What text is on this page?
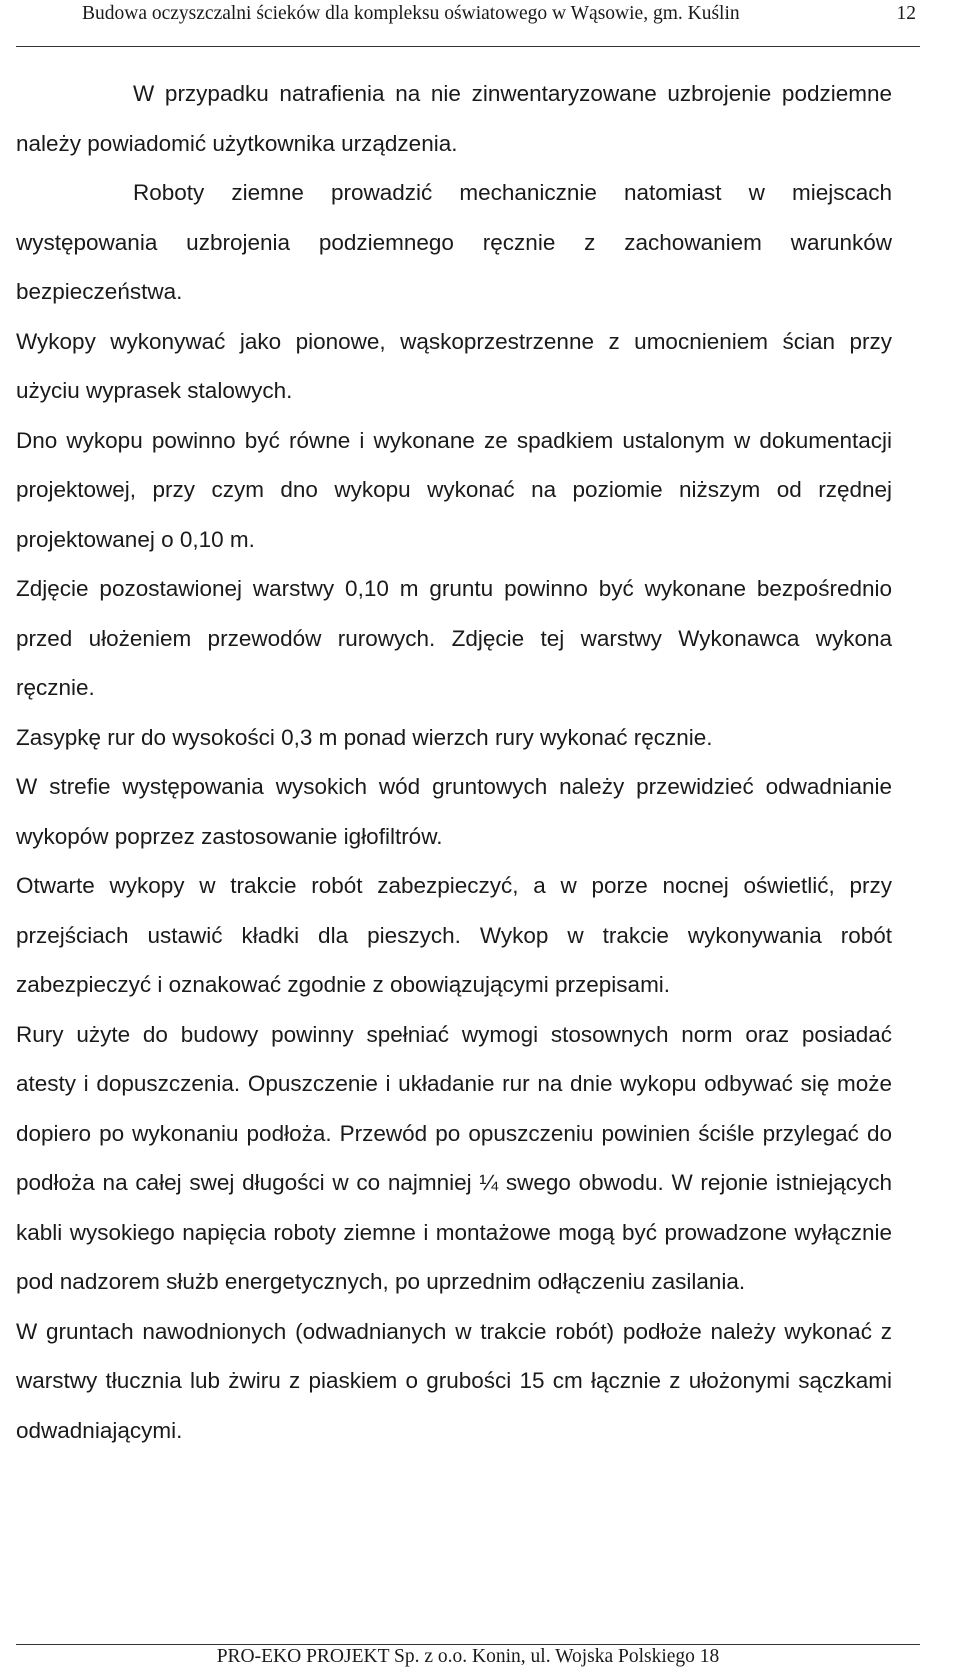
Budowa oczyszczalni ścieków dla kompleksu oświatowego w Wąsowie, gm. Kuślin	12

W przypadku natrafienia na nie zinwentaryzowane uzbrojenie podziemne należy powiadomić użytkownika urządzenia.

Roboty ziemne prowadzić mechanicznie natomiast w miejscach występowania uzbrojenia podziemnego ręcznie z zachowaniem warunków bezpieczeństwa.

Wykopy wykonywać jako pionowe, wąskoprzestrzenne z umocnieniem ścian przy użyciu wyprasek stalowych.

Dno wykopu powinno być równe i wykonane ze spadkiem ustalonym w dokumentacji projektowej, przy czym dno wykopu wykonać na poziomie niższym od rzędnej projektowanej o 0,10 m.

Zdjęcie pozostawionej warstwy 0,10 m gruntu powinno być wykonane bezpośrednio przed ułożeniem przewodów rurowych. Zdjęcie tej warstwy Wykonawca wykona ręcznie.

Zasypkę rur do wysokości 0,3 m ponad wierzch rury wykonać ręcznie.

W strefie występowania wysokich wód gruntowych należy przewidzieć odwadnianie wykopów poprzez zastosowanie igłofiltrów.

Otwarte wykopy w trakcie robót zabezpieczyć, a w porze nocnej oświetlić, przy przejściach ustawić kładki dla pieszych. Wykop w trakcie wykonywania robót zabezpieczyć i oznakować zgodnie z obowiązującymi przepisami.

Rury użyte do budowy powinny spełniać wymogi stosownych norm oraz posiadać atesty i dopuszczenia. Opuszczenie i układanie rur na dnie wykopu odbywać się może dopiero po wykonaniu podłoża. Przewód po opuszczeniu powinien ściśle przylegać do podłoża na całej swej długości w co najmniej ¼ swego obwodu. W rejonie istniejących kabli wysokiego napięcia roboty ziemne i montażowe mogą być prowadzone wyłącznie pod nadzorem służb energetycznych, po uprzednim odłączeniu zasilania.

W gruntach nawodnionych (odwadnianych w trakcie robót) podłoże należy wykonać z warstwy tłucznia lub żwiru z piaskiem o grubości 15 cm łącznie z ułożonymi sączkami odwadniającymi.

PRO-EKO PROJEKT Sp. z o.o. Konin, ul. Wojska Polskiego 18
